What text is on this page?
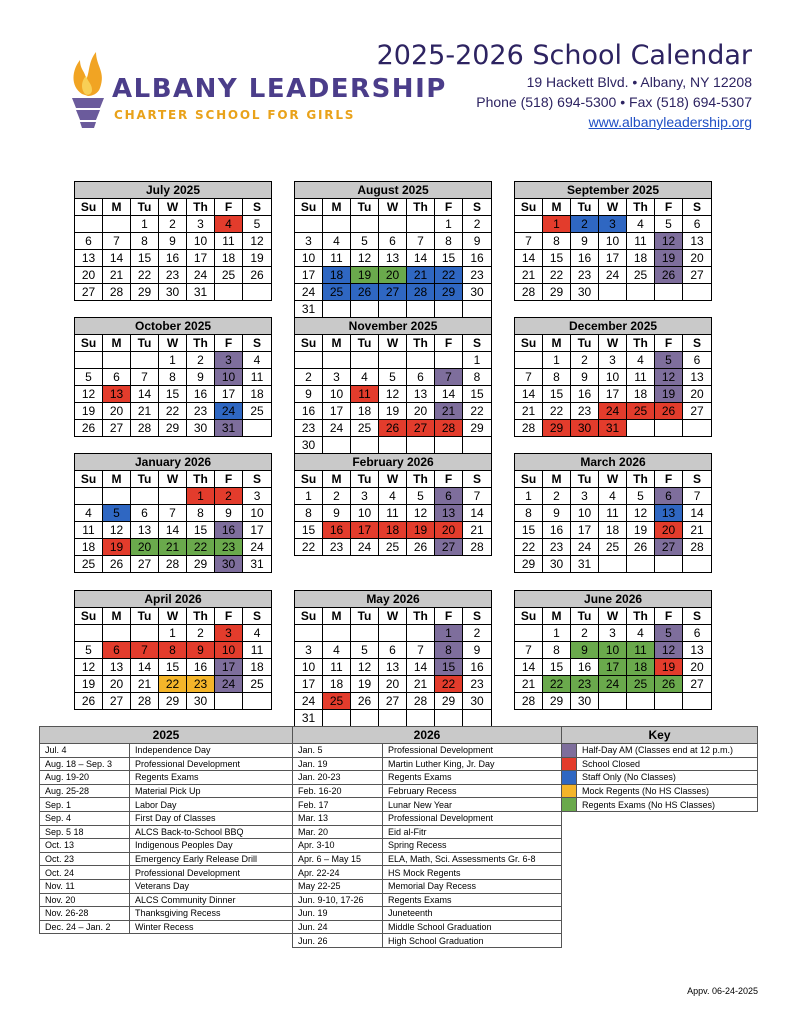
ALBANY LEADERSHIP
CHARTER SCHOOL FOR GIRLS
2025-2026 School Calendar
19 Hackett Blvd. • Albany, NY 12208
Phone (518) 694-5300 • Fax (518) 694-5307
www.albanyleadership.org
July 2025						
Su	M	Tu	W	Th	F	S
		1	2	3	4	5
6	7	8	9	10	11	12
13	14	15	16	17	18	19
20	21	22	23	24	25	26
27	28	29	30	31		
August 2025						
Su	M	Tu	W	Th	F	S
					1	2
3	4	5	6	7	8	9
10	11	12	13	14	15	16
17	18	19	20	21	22	23
24	25	26	27	28	29	30
31						
September 2025						
Su	M	Tu	W	Th	F	S
	1	2	3	4	5	6
7	8	9	10	11	12	13
14	15	16	17	18	19	20
21	22	23	24	25	26	27
28	29	30				
October 2025						
Su	M	Tu	W	Th	F	S
			1	2	3	4
5	6	7	8	9	10	11
12	13	14	15	16	17	18
19	20	21	22	23	24	25
26	27	28	29	30	31	
November 2025						
Su	M	Tu	W	Th	F	S
						1
2	3	4	5	6	7	8
9	10	11	12	13	14	15
16	17	18	19	20	21	22
23	24	25	26	27	28	29
30						
December 2025						
Su	M	Tu	W	Th	F	S
	1	2	3	4	5	6
7	8	9	10	11	12	13
14	15	16	17	18	19	20
21	22	23	24	25	26	27
28	29	30	31			
January 2026						
Su	M	Tu	W	Th	F	S
				1	2	3
4	5	6	7	8	9	10
11	12	13	14	15	16	17
18	19	20	21	22	23	24
25	26	27	28	29	30	31
February 2026						
Su	M	Tu	W	Th	F	S
1	2	3	4	5	6	7
8	9	10	11	12	13	14
15	16	17	18	19	20	21
22	23	24	25	26	27	28
March 2026						
Su	M	Tu	W	Th	F	S
1	2	3	4	5	6	7
8	9	10	11	12	13	14
15	16	17	18	19	20	21
22	23	24	25	26	27	28
29	30	31				
April 2026						
Su	M	Tu	W	Th	F	S
			1	2	3	4
5	6	7	8	9	10	11
12	13	14	15	16	17	18
19	20	21	22	23	24	25
26	27	28	29	30		
May 2026						
Su	M	Tu	W	Th	F	S
					1	2
3	4	5	6	7	8	9
10	11	12	13	14	15	16
17	18	19	20	21	22	23
24	25	26	27	28	29	30
31						
June 2026						
Su	M	Tu	W	Th	F	S
	1	2	3	4	5	6
7	8	9	10	11	12	13
14	15	16	17	18	19	20
21	22	23	24	25	26	27
28	29	30				
2025	
Jul. 4	Independence Day
Aug. 18 – Sep. 3	Professional Development
Aug. 19-20	Regents Exams
Aug. 25-28	Material Pick Up
Sep. 1	Labor Day
Sep. 4	First Day of Classes
Sep. 5 18	ALCS Back-to-School BBQ
Oct. 13	Indigenous Peoples Day
Oct. 23	Emergency Early Release Drill
Oct. 24	Professional Development
Nov. 11	Veterans Day
Nov. 20	ALCS Community Dinner
Nov. 26-28	Thanksgiving Recess
Dec. 24 – Jan. 2	Winter Recess
2026	
Jan. 5	Professional Development
Jan. 19	Martin Luther King, Jr. Day
Jan. 20-23	Regents Exams
Feb. 16-20	February Recess
Feb. 17	Lunar New Year
Mar. 13	Professional Development
Mar. 20	Eid al-Fitr
Apr. 3-10	Spring Recess
Apr. 6 – May 15	ELA, Math, Sci. Assessments Gr. 6-8
Apr. 22-24	HS Mock Regents
May 22-25	Memorial Day Recess
Jun. 9-10, 17-26	Regents Exams
Jun. 19	Juneteenth
Jun. 24	Middle School Graduation
Jun. 26	High School Graduation
Key	
	Half-Day AM (Classes end at 12 p.m.)
	School Closed
	Staff Only (No Classes)
	Mock Regents (No HS Classes)
	Regents Exams (No HS Classes)
Appv. 06-24-2025
